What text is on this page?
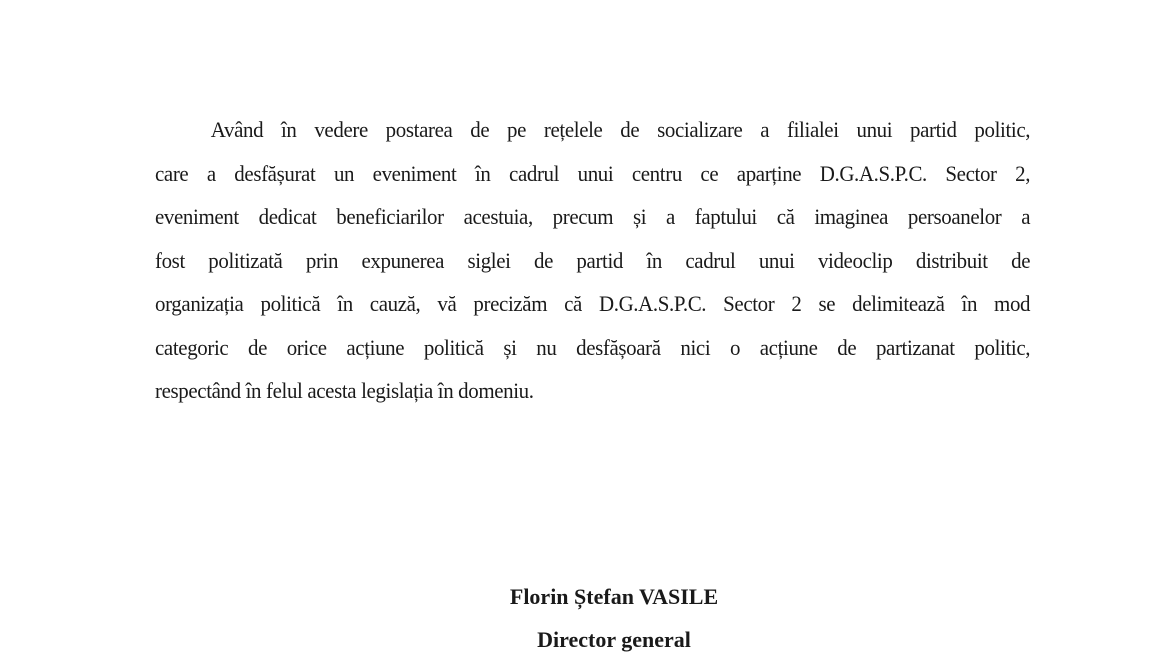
Având în vedere postarea de pe rețelele de socializare a filialei unui partid politic,
care a desfășurat un eveniment în cadrul unui centru ce aparține D.G.A.S.P.C. Sector 2,
eveniment dedicat beneficiarilor acestuia, precum și a faptului că imaginea persoanelor a
fost politizată prin expunerea siglei de partid în cadrul unui videoclip distribuit de
organizația politică în cauză, vă precizăm că D.G.A.S.P.C. Sector 2 se delimitează în mod
categoric de orice acțiune politică și nu desfășoară nici o acțiune de partizanat politic,
respectând în felul acesta legislația în domeniu.
Florin Ștefan VASILE
Director general
